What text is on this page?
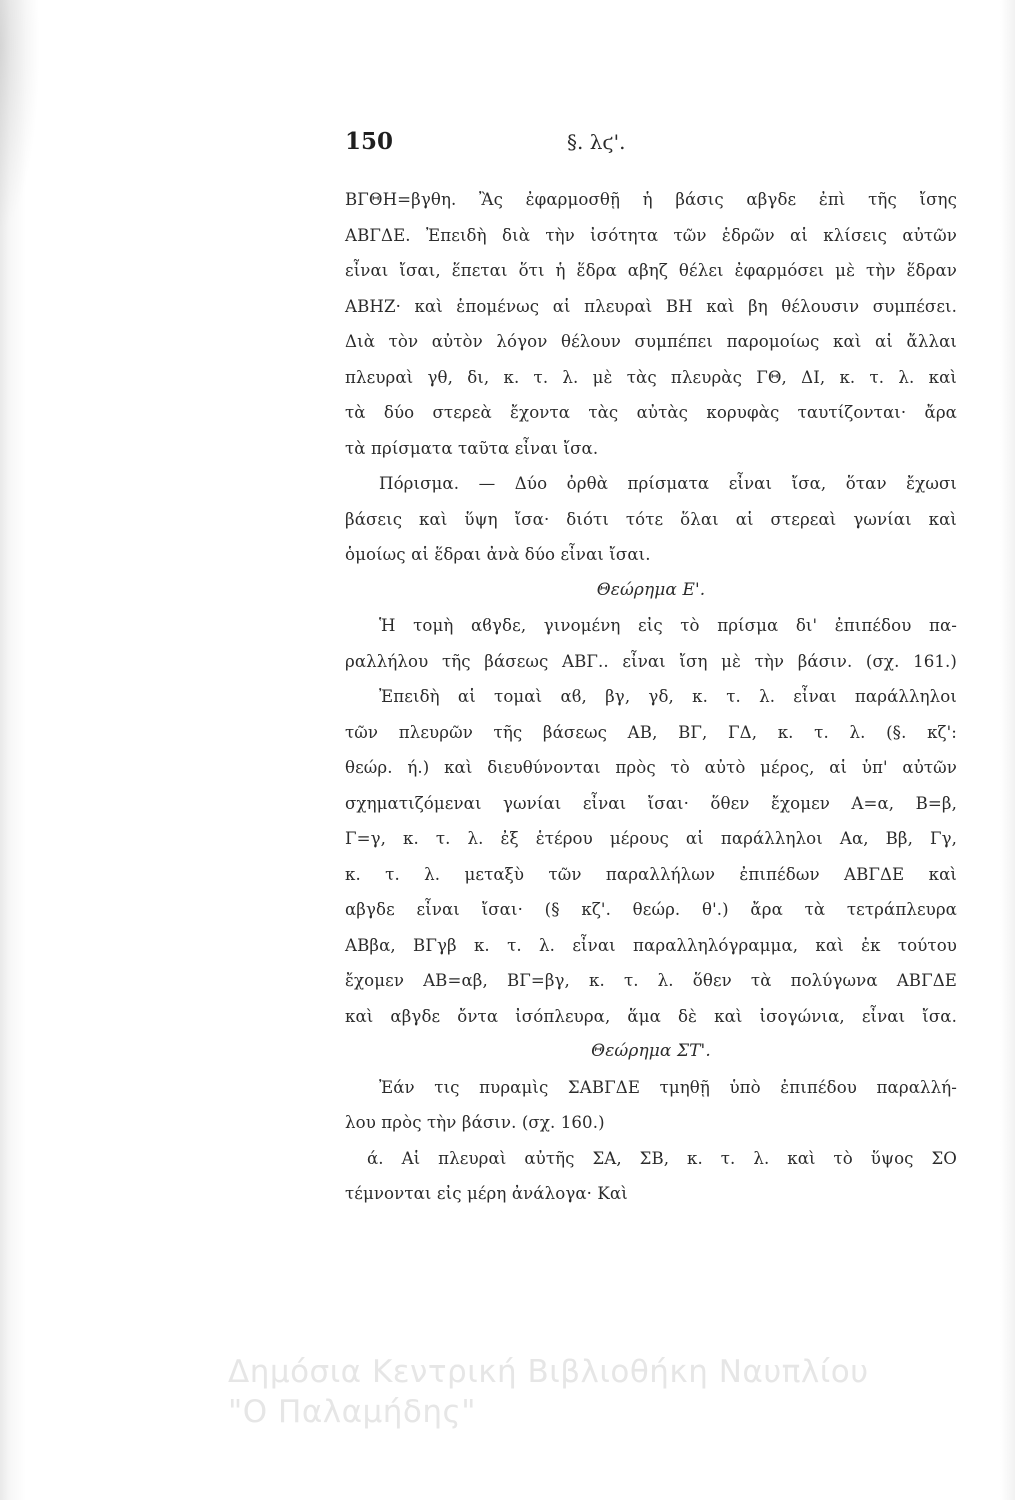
150	§. λϛ'.
ΒΓΘΗ=βγθη. Ἂς ἐφαρμοσθῇ ἡ βάσις αβγδε ἐπὶ τῆς ἴσης
ΑΒΓΔΕ. Ἐπειδὴ διὰ τὴν ἰσότητα τῶν ἑδρῶν αἱ κλίσεις αὐτῶν
εἶναι ἴσαι, ἕπεται ὅτι ἡ ἕδρα αβηζ θέλει ἐφαρμόσει μὲ τὴν ἕδραν
ΑΒΗΖ· καὶ ἑπομένως αἱ πλευραὶ ΒΗ καὶ βη θέλουσιν συμπέσει.
Διὰ τὸν αὐτὸν λόγον θέλουν συμπέπει παρομοίως καὶ αἱ ἄλλαι
πλευραὶ γθ, δι, κ. τ. λ. μὲ τὰς πλευρὰς ΓΘ, ΔΙ, κ. τ. λ. καὶ
τὰ δύο στερεὰ ἔχοντα τὰς αὐτὰς κορυφὰς ταυτίζονται· ἄρα
τὰ πρίσματα ταῦτα εἶναι ἴσα.
Πόρισμα. — Δύο ὀρθὰ πρίσματα εἶναι ἴσα, ὅταν ἔχωσι
βάσεις καὶ ὕψη ἴσα· διότι τότε ὅλαι αἱ στερεαὶ γωνίαι καὶ
ὁμοίως αἱ ἕδραι ἀνὰ δύο εἶναι ἴσαι.
Θεώρημα Ε'.
Ἡ τομὴ αϐγδε, γινομένη εἰς τὸ πρίσμα δι' ἐπιπέδου πα-
ραλλήλου τῆς βάσεως ΑΒΓ.. εἶναι ἴση μὲ τὴν βάσιν. (σχ. 161.)
Ἐπειδὴ αἱ τομαὶ αϐ, βγ, γδ, κ. τ. λ. εἶναι παράλληλοι
τῶν πλευρῶν τῆς βάσεως ΑΒ, ΒΓ, ΓΔ, κ. τ. λ. (§. κζ':
θεώρ. ή.) καὶ διευθύνονται πρὸς τὸ αὐτὸ μέρος, αἱ ὑπ' αὐτῶν
σχηματιζόμεναι γωνίαι εἶναι ἴσαι· ὅθεν ἔχομεν Α=α, Β=β,
Γ=γ, κ. τ. λ. ἐξ ἑτέρου μέρους αἱ παράλληλοι Αα, Ββ, Γγ,
κ. τ. λ. μεταξὺ τῶν παραλλήλων ἐπιπέδων ΑΒΓΔΕ καὶ
αβγδε εἶναι ἴσαι· (§ κζ'. θεώρ. θ'.) ἄρα τὰ τετράπλευρα
ΑΒβα, ΒΓγβ κ. τ. λ. εἶναι παραλληλόγραμμα, καὶ ἐκ τούτου
ἔχομεν ΑΒ=αβ, ΒΓ=βγ, κ. τ. λ. ὅθεν τὰ πολύγωνα ΑΒΓΔΕ
καὶ αβγδε ὄντα ἰσόπλευρα, ἅμα δὲ καὶ ἰσογώνια, εἶναι ἴσα.
Θεώρημα ΣΤ'.
Ἐάν τις πυραμὶς ΣΑΒΓΔΕ τμηθῇ ὑπὸ ἐπιπέδου παραλλή-
λου πρὸς τὴν βάσιν. (σχ. 160.)
ά. Αἱ πλευραὶ αὐτῆς ΣΑ, ΣΒ, κ. τ. λ. καὶ τὸ ὕψος ΣΟ
τέμνονται εἰς μέρη ἀνάλογα· Καὶ
Δημόσια Κεντρική Βιβλιοθήκη Ναυπλίου
"Ο Παλαμήδης"
